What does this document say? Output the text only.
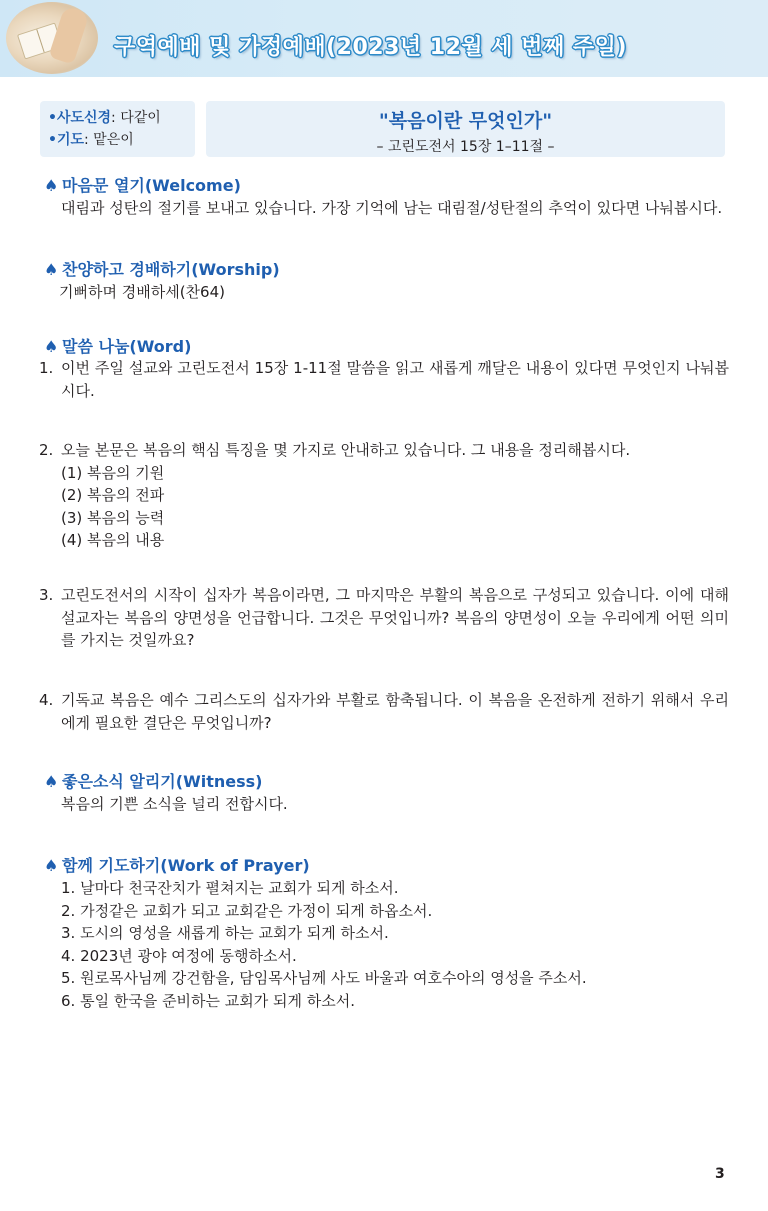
구역예배 및 가정예배(2023년 12월 세 번째 주일)
•사도신경: 다같이
•기도: 맡은이
"복음이란 무엇인가"
– 고린도전서 15장 1–11절 –
♠ 마음문 열기(Welcome)
대림과 성탄의 절기를 보내고 있습니다. 가장 기억에 남는 대림절/성탄절의 추억이 있다면 나눠봅시다.
♠ 찬양하고 경배하기(Worship)
기뻐하며 경배하세(찬64)
♠ 말씀 나눔(Word)
1. 이번 주일 설교와 고린도전서 15장 1-11절 말씀을 읽고 새롭게 깨달은 내용이 있다면 무엇인지 나눠봅시다.
2. 오늘 본문은 복음의 핵심 특징을 몇 가지로 안내하고 있습니다. 그 내용을 정리해봅시다.
(1) 복음의 기원
(2) 복음의 전파
(3) 복음의 능력
(4) 복음의 내용
3. 고린도전서의 시작이 십자가 복음이라면, 그 마지막은 부활의 복음으로 구성되고 있습니다. 이에 대해 설교자는 복음의 양면성을 언급합니다. 그것은 무엇입니까? 복음의 양면성이 오늘 우리에게 어떤 의미를 가지는 것일까요?
4. 기독교 복음은 예수 그리스도의 십자가와 부활로 함축됩니다. 이 복음을 온전하게 전하기 위해서 우리에게 필요한 결단은 무엇입니까?
♠ 좋은소식 알리기(Witness)
복음의 기쁜 소식을 널리 전합시다.
♠ 함께 기도하기(Work of Prayer)
1. 날마다 천국잔치가 펼쳐지는 교회가 되게 하소서.
2. 가정같은 교회가 되고 교회같은 가정이 되게 하옵소서.
3. 도시의 영성을 새롭게 하는 교회가 되게 하소서.
4. 2023년 광야 여정에 동행하소서.
5. 원로목사님께 강건함을, 담임목사님께 사도 바울과 여호수아의 영성을 주소서.
6. 통일 한국을 준비하는 교회가 되게 하소서.
3
